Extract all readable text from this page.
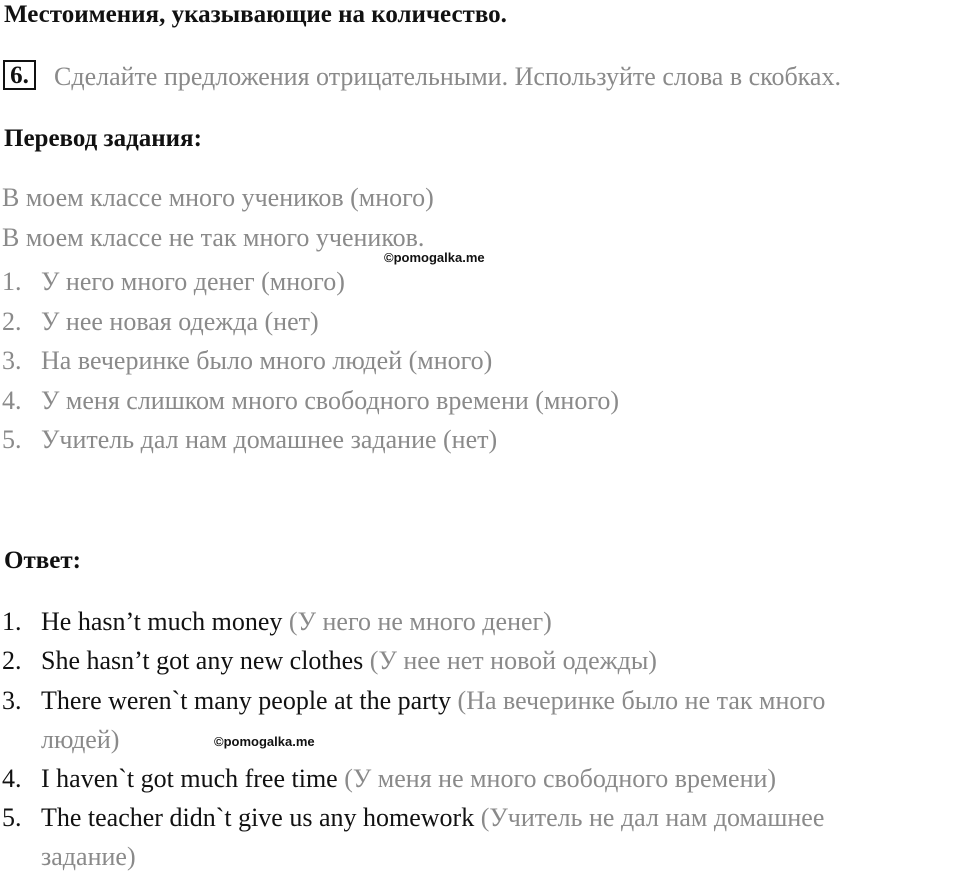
Местоимения, указывающие на количество.
6. Сделайте предложения отрицательными. Используйте слова в скобках.
Перевод задания:
В моем классе много учеников (много)
В моем классе не так много учеников.
©pomogalka.me
1. У него много денег (много)
2. У нее новая одежда (нет)
3. На вечеринке было много людей (много)
4. У меня слишком много свободного времени (много)
5. Учитель дал нам домашнее задание (нет)
Ответ:
1. He hasn’t much money (У него не много денег)
2. She hasn’t got any new clothes (У нее нет новой одежды)
3. There weren`t many people at the party (На вечеринке было не так много
людей)	©pomogalka.me
4. I haven`t got much free time (У меня не много свободного времени)
5. The teacher didn`t give us any homework (Учитель не дал нам домашнее
задание)
